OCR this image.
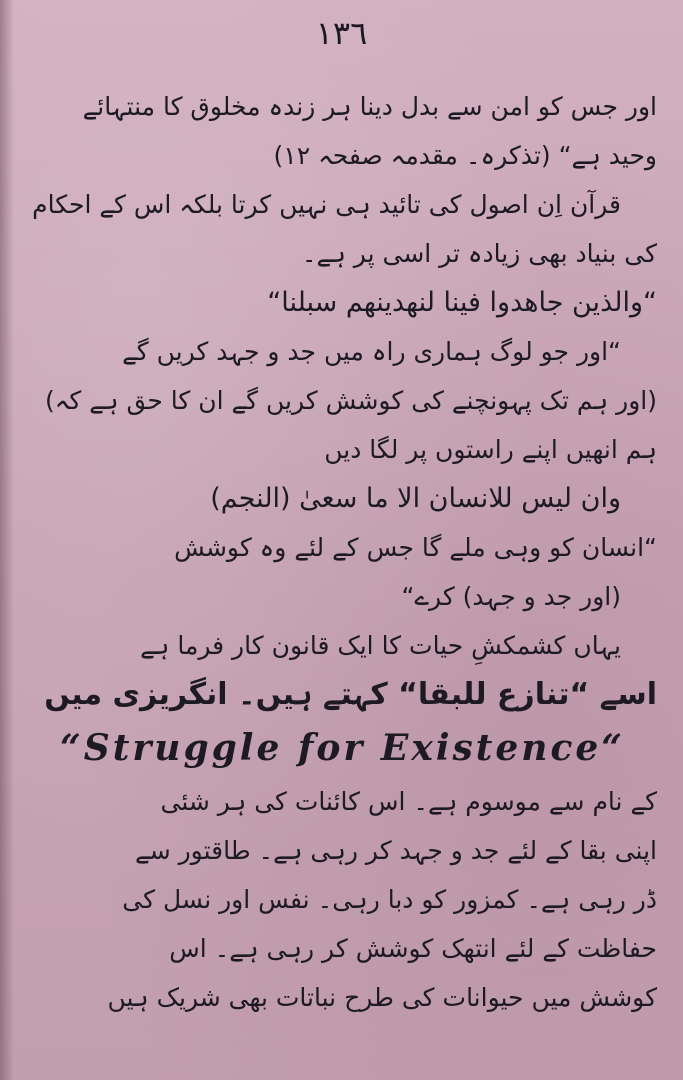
١٣٦
اور جس کو امن سے بدل دینا ہر زندہ مخلوق کا منتہائے
وحید ہے“ (تذکرہ۔ مقدمہ صفحہ ١٢)
قرآن اِن اصول کی تائید ہی نہیں کرتا بلکہ اس کے احکام
کی بنیاد بھی زیادہ تر اسی پر ہے۔
“والذین جاھدوا فینا لنھدینھم سبلنا“
“اور جو لوگ ہماری راہ میں جد و جہد کریں گے
(اور ہم تک پہونچنے کی کوشش کریں گے ان کا حق ہے کہ)
ہم انھیں اپنے راستوں پر لگا دیں
وان لیس للانسان الا ما سعیٰ (النجم)
“انسان کو وہی ملے گا جس کے لئے وہ کوشش
(اور جد و جہد) کرے“
یہاں کشمکشِ حیات کا ایک قانون کار فرما ہے
اسے “تنازع للبقا“ کہتے ہیں۔ انگریزی میں
“Struggle for Existence“
کے نام سے موسوم ہے۔ اس کائنات کی ہر شئی
اپنی بقا کے لئے جد و جہد کر رہی ہے۔ طاقتور سے
ڈر رہی ہے۔ کمزور کو دبا رہی۔ نفس اور نسل کی
حفاظت کے لئے انتھک کوشش کر رہی ہے۔ اس
کوشش میں حیوانات کی طرح نباتات بھی شریک ہیں
